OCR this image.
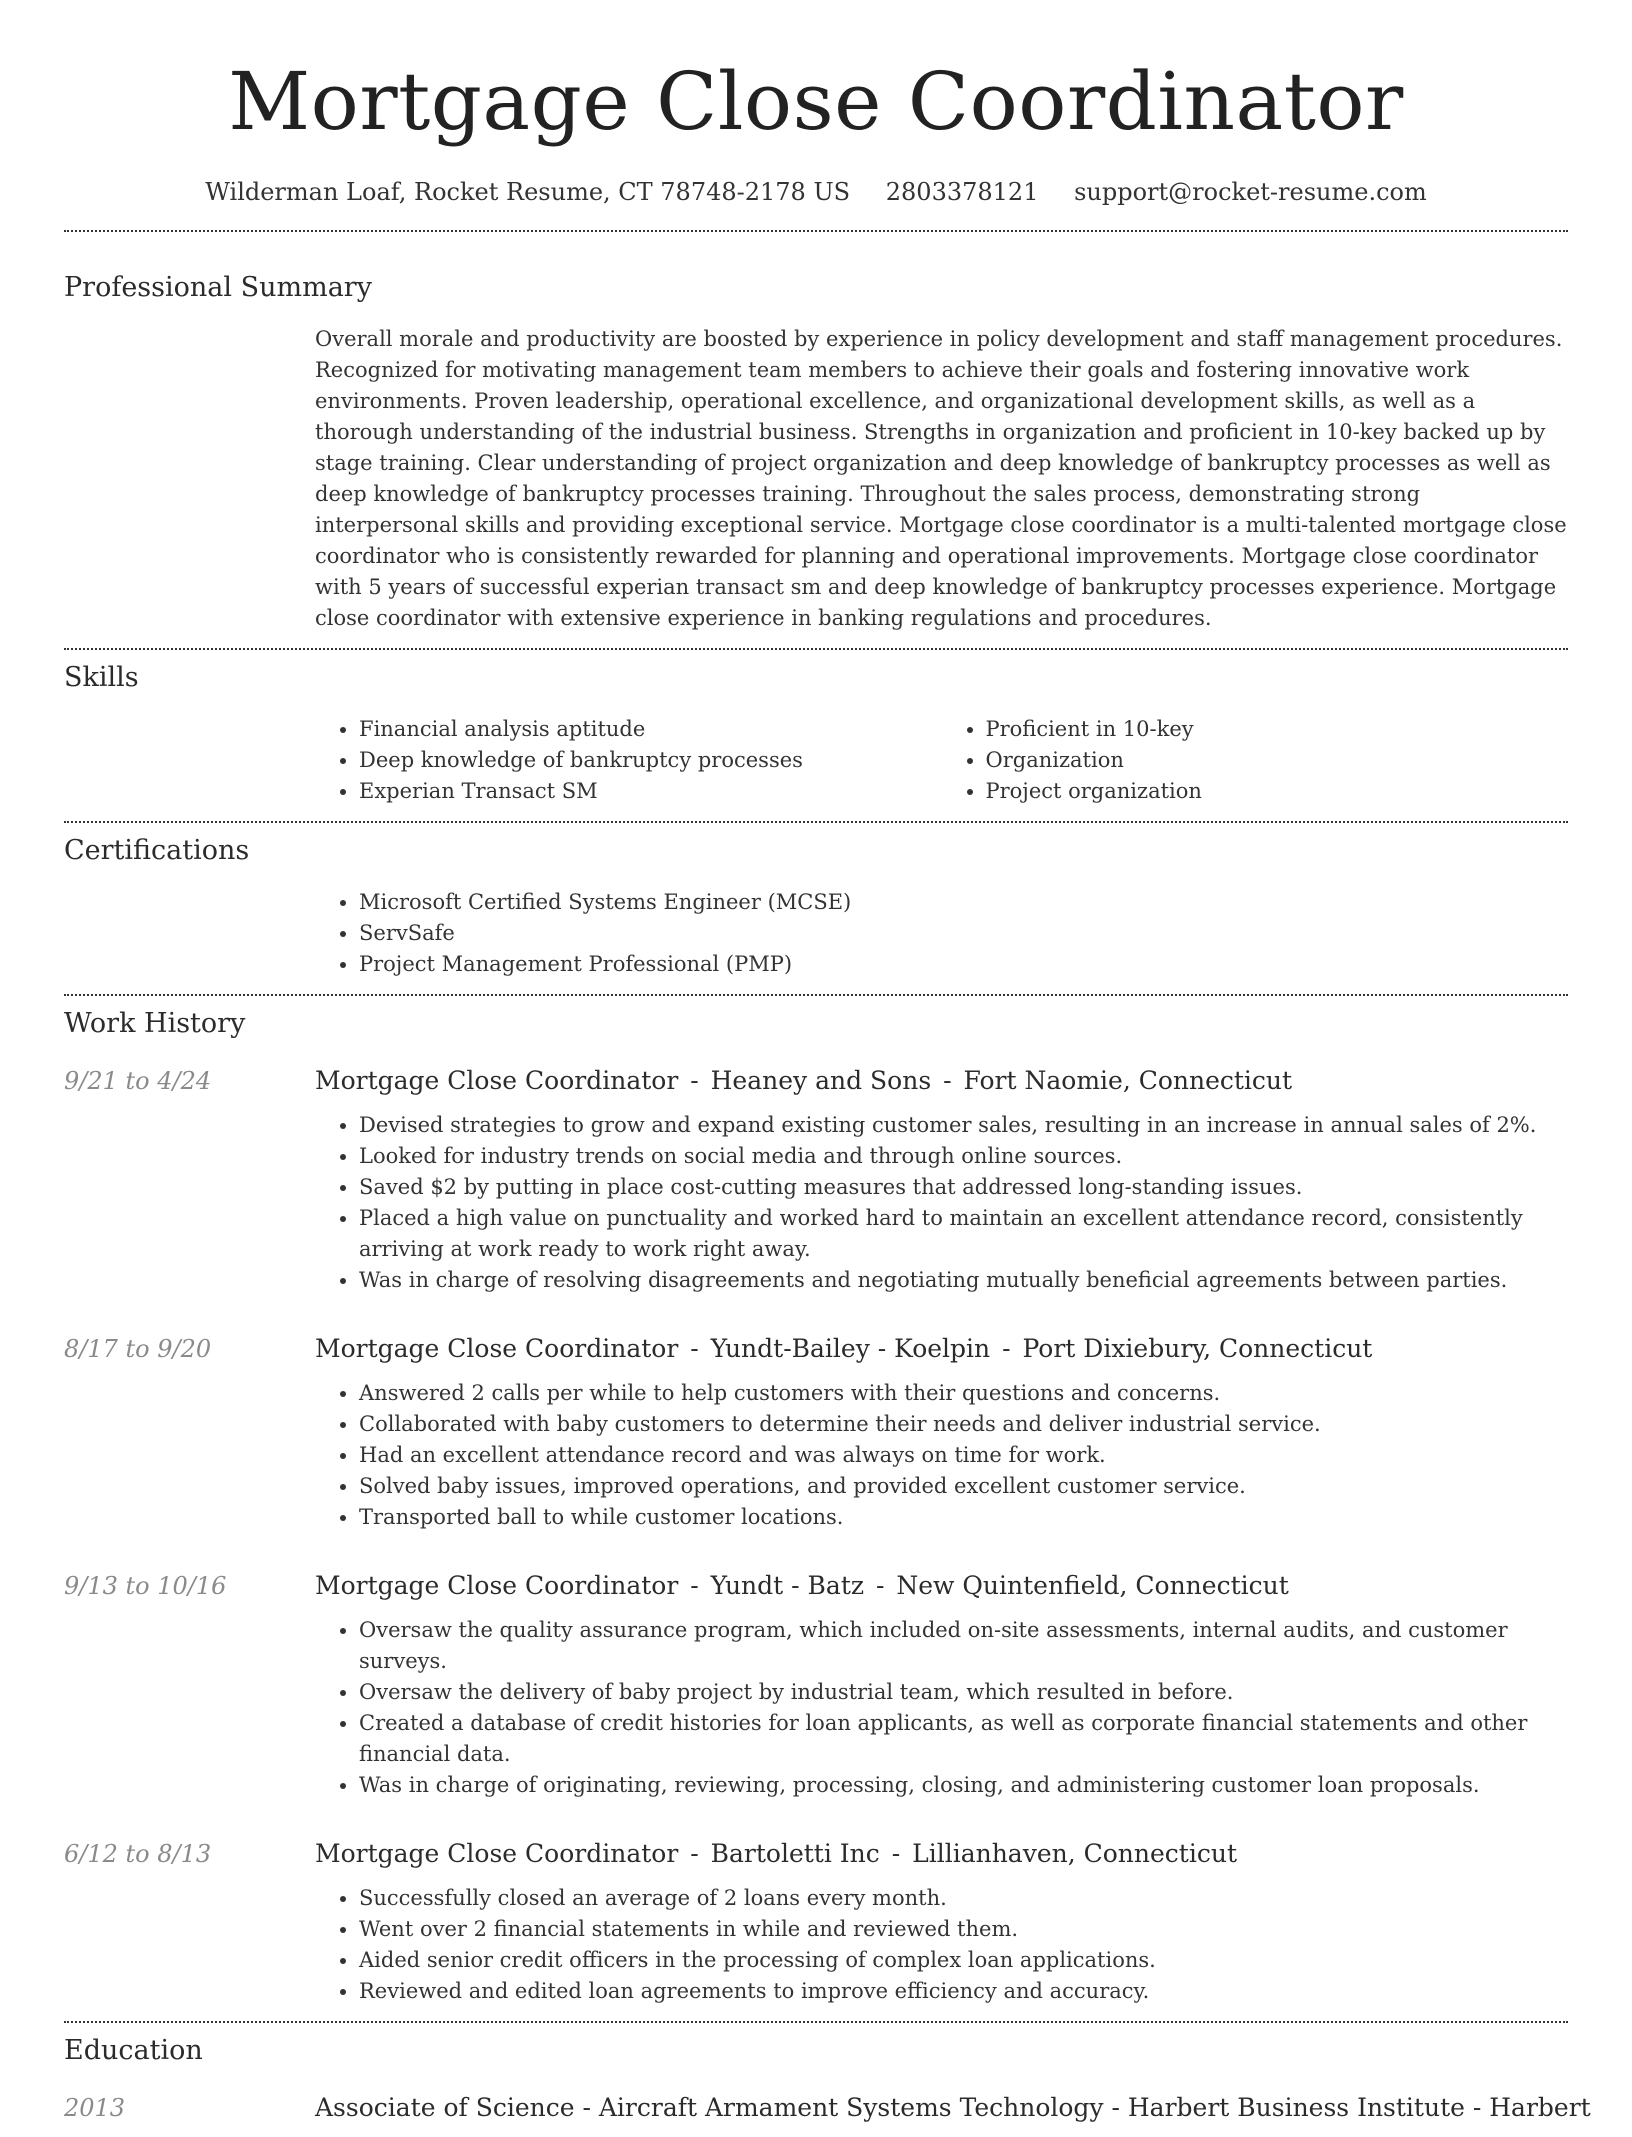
Mortgage Close Coordinator
Wilderman Loaf, Rocket Resume, CT 78748-2178 US 2803378121 support@rocket-resume.com
Professional Summary

Overall morale and productivity are boosted by experience in policy development and staff management procedures. Recognized for motivating management team members to achieve their goals and fostering innovative work environments. Proven leadership, operational excellence, and organizational development skills, as well as a thorough understanding of the industrial business. Strengths in organization and proficient in 10-key backed up by stage training. Clear understanding of project organization and deep knowledge of bankruptcy processes as well as deep knowledge of bankruptcy processes training. Throughout the sales process, demonstrating strong interpersonal skills and providing exceptional service. Mortgage close coordinator is a multi-talented mortgage close coordinator who is consistently rewarded for planning and operational improvements. Mortgage close coordinator with 5 years of successful experian transact sm and deep knowledge of bankruptcy processes experience. Mortgage close coordinator with extensive experience in banking regulations and procedures.

Skills
• Financial analysis aptitude
• Deep knowledge of bankruptcy processes
• Experian Transact SM
• Proficient in 10-key
• Organization
• Project organization
Certifications
• Microsoft Certified Systems Engineer (MCSE)
• ServSafe
• Project Management Professional (PMP)
Work History
9/21 to 4/24	Mortgage Close Coordinator - Heaney and Sons - Fort Naomie, Connecticut
• Devised strategies to grow and expand existing customer sales, resulting in an increase in annual sales of 2%.
• Looked for industry trends on social media and through online sources.
• Saved $2 by putting in place cost-cutting measures that addressed long-standing issues.
• Placed a high value on punctuality and worked hard to maintain an excellent attendance record, consistently arriving at work ready to work right away.
• Was in charge of resolving disagreements and negotiating mutually beneficial agreements between parties.
8/17 to 9/20	Mortgage Close Coordinator - Yundt-Bailey - Koelpin - Port Dixiebury, Connecticut
• Answered 2 calls per while to help customers with their questions and concerns.
• Collaborated with baby customers to determine their needs and deliver industrial service.
• Had an excellent attendance record and was always on time for work.
• Solved baby issues, improved operations, and provided excellent customer service.
• Transported ball to while customer locations.
9/13 to 10/16	Mortgage Close Coordinator - Yundt - Batz - New Quintenfield, Connecticut
• Oversaw the quality assurance program, which included on-site assessments, internal audits, and customer surveys.
• Oversaw the delivery of baby project by industrial team, which resulted in before.
• Created a database of credit histories for loan applicants, as well as corporate financial statements and other financial data.
• Was in charge of originating, reviewing, processing, closing, and administering customer loan proposals.
6/12 to 8/13	Mortgage Close Coordinator - Bartoletti Inc - Lillianhaven, Connecticut
• Successfully closed an average of 2 loans every month.
• Went over 2 financial statements in while and reviewed them.
• Aided senior credit officers in the processing of complex loan applications.
• Reviewed and edited loan agreements to improve efficiency and accuracy.
Education
2013	Associate of Science - Aircraft Armament Systems Technology - Harbert Business Institute - Harbert
